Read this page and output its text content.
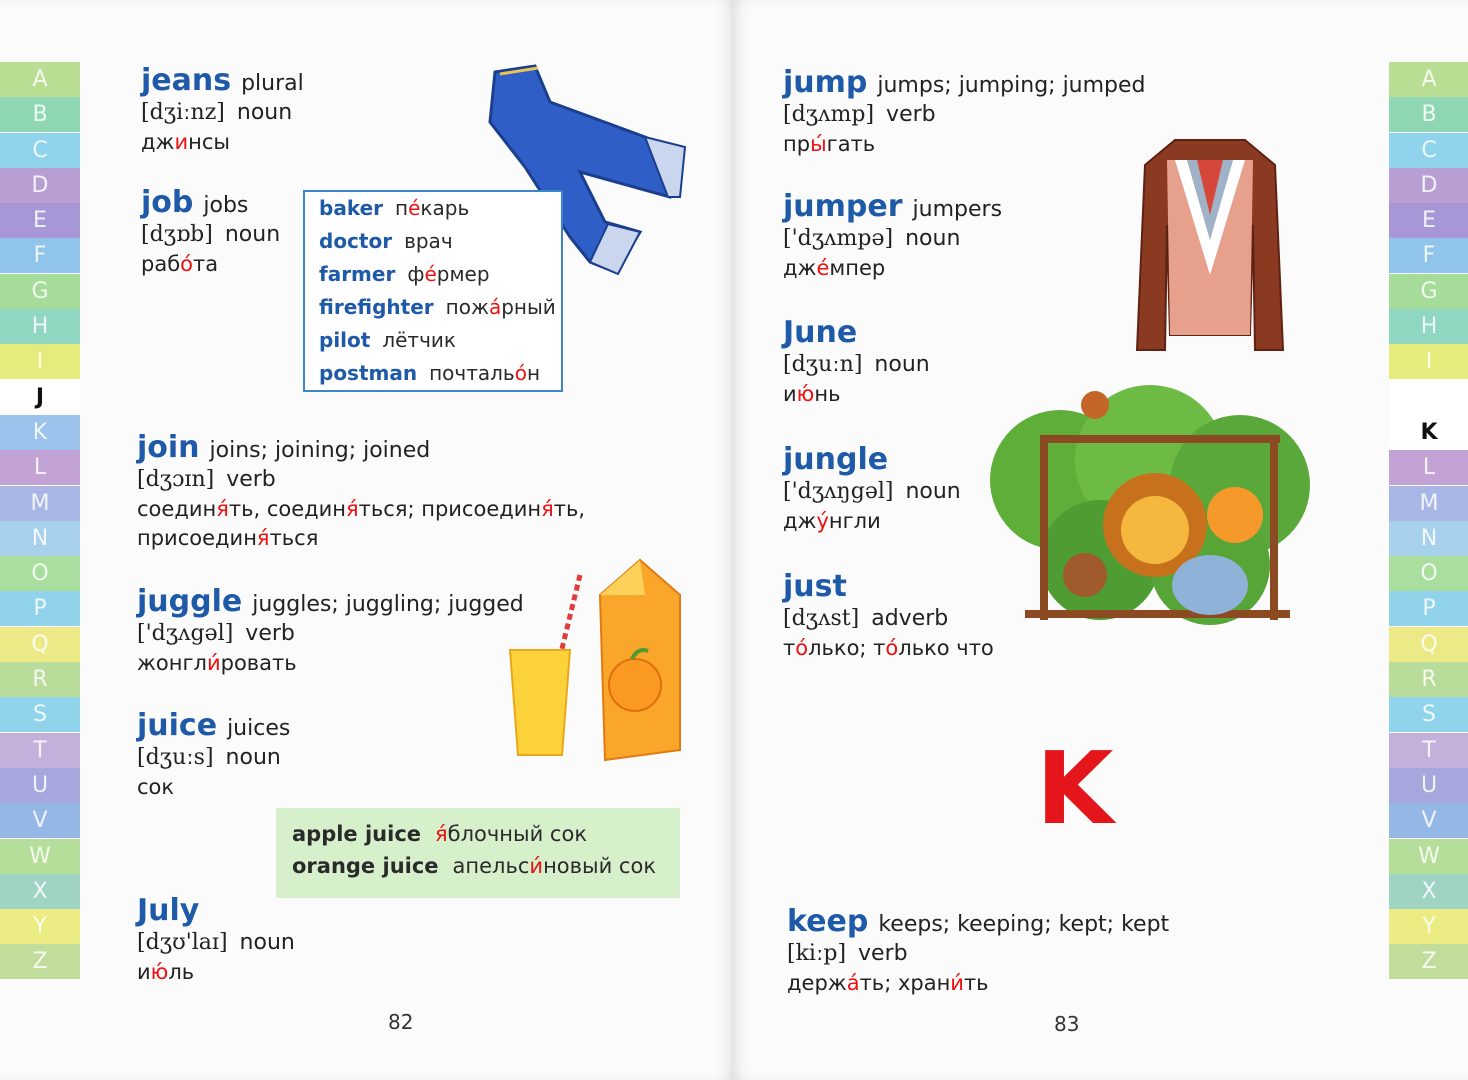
A
B
C
D
E
F
G
H
I
J
K
L
M
N
O
P
Q
R
S
T
U
V
W
X
Y
Z
A
B
C
D
E
F
G
H
I
J
K
L
M
N
O
P
Q
R
S
T
U
V
W
X
Y
Z
jeans plural
[dʒiːnz] noun
джинсы
job jobs
[dʒɒb] noun
рабо́та
join joins; joining; joined
[dʒɔɪn] verb
соединя́ть, соединя́ться; присоединя́ть,
присоединя́ться
juggle juggles; juggling; jugged
['dʒʌgəl] verb
жонгли́ровать
juice juices
[dʒuːs] noun
сок
July
[dʒʊ'laɪ] noun
ию́ль
baker пе́карь
doctor врач
farmer фе́рмер
firefighter пожа́рный
pilot лётчик
postman почтальо́н
apple juice я́блочный сок
orange juice апельси́новый сок
82
jump jumps; jumping; jumped
[dʒʌmp] verb
пры́гать
jumper jumpers
['dʒʌmpə] noun
дже́мпер
June
[dʒuːn] noun
ию́нь
jungle
['dʒʌŋgəl] noun
джу́нгли
just
[dʒʌst] adverb
то́лько; то́лько что
keep keeps; keeping; kept; kept
[kiːp] verb
держа́ть; храни́ть
K
83
